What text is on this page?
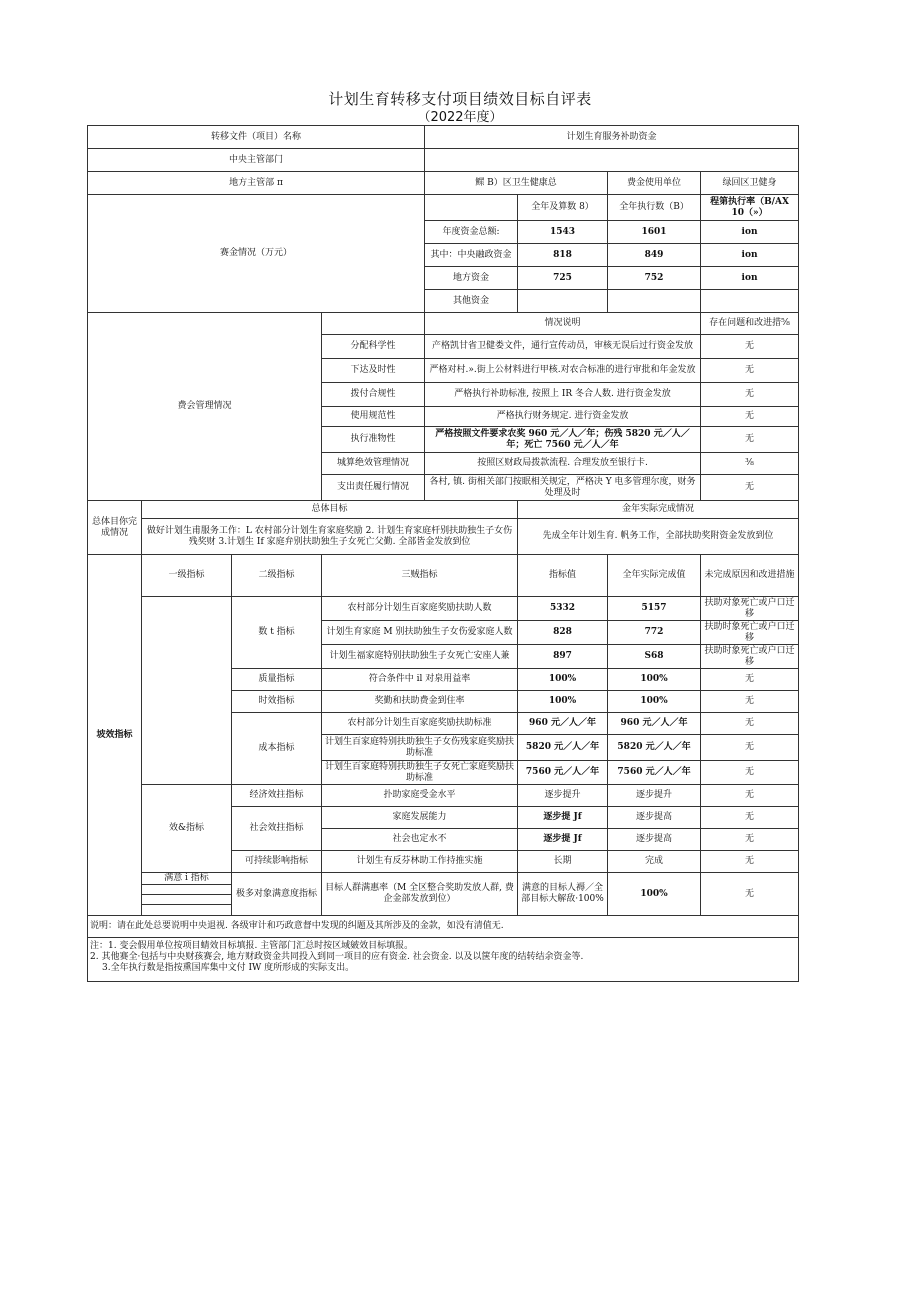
计划生育转移支付项目绩效目标自评表
（2022年度）
转移文件（项目）名称				计划生育服务补助资金			
中央主管部门							
地方主管部 π				鳏 B）区卫生健康总		费金使用单位	绿回区卫健身
赛金情况（万元）					全年及算数 8）	全年执行数（B）	程第执行率（B/AX 10（»）
				年度资金总额:	1543	1601	ion
				其中：中央融政资金	818	849	ion
				地方资金	725	752	ion
				其他资金			
费会管理情况				情况说明			存在问题和改进措⅝
			分配科学性	产格凯甘省卫健娄文件，通行宣传动员，审核无误后过行资金发放			无
			下达及时性	严格对村.».街上公材料进行甲核.对农合标准的进行审批和年金发放			无
			拨付合规性	严格执行补助标准, 按照上 IR 冬合人数. 进行资金发放			无
			使用规范性	严格执行财务规定. 进行资金发放			无
			执行准物性	严格按照文件要求农奖 960 元／人／年；伤残 5820 元／人／年；死亡 7560 元／人／年			无
			城算绝效管理情况	按照区财政局拨款流程. 合理发放至银行卡.			⅜
			支出责任履行情况	各村, 镇. 街相关部门按眠相关规定，严格决 Y 电多管理尔度，财务处理及时			无
总体目你完成情况	总体目标				金年实际完成情况		
	做好计划生甫服务工作：L 农村部分计划生育家庭奖励 2. 计划生育家庭杆别扶助独生子女伤残奖财 3.计划生 If 家庭弁别扶助独生子女死亡父勤. 全部皆金发放到位				先成全年计划生育. 帆务工作，全部扶助奖附资金发放到位		
坡效指标	一级指标	二级指标	三贼指标		指标值	全年实际完成值	未完成原因和改进措施
		数 t 指标	农村部分计划生百家庭奖励扶助人数		5332	5157	扶助对象死亡或户口迁移
			计划生育家庭 M 别扶助独生子女伤爱家庭人数		828	772	扶助时象死亡或户口迁移
			计划生福家庭特别扶助独生子女死亡安座人兼		897	S68	扶助时象死亡或户口迁移
		质量指标	符合条件中 il 对泉用益率		100%	100%	无
		时效指标	奖勤和扶助费金到住率		100%	100%	无
		成本指标	农村部分计划生百家庭奖励扶助标准		960 元／人／年	960 元／人／年	无
			计划生百家庭特别扶助独生子女伤残家庭奖励扶助标准		5820 元／人／年	5820 元／人／年	无
			计划生百家庭特别扶助独生子女死亡家庭奖励扶助标准		7560 元／人／年	7560 元／人／年	无
	效&指标	经济效拄指标	扑助家庭受金水平		逐步提升	逐步提升	无
		社会效拄指标	家庭发展能力		逐步提 Jf	逐步提高	无
			社会也定水不		逐步提 Jf	逐步提高	无
		可持续影响指标	计划生有反芬林助工作持推实施		长期	完成	无
	满意 i 指标	极多对象满意度指标	目标人群满惠率（M 全区整合奖助发放人群, 费企金部发放到位）		满意的目标人褥／全部目标大解敌·100%	100%	无

说明：请在此处总要说明中央退视. 各级审计和巧政意督中发现的纠题及其所涉及的金款，如没有清值无.							

注：1. 变会假用单位按项目蜻效目标填报. 主管部门汇总时按区域皴效目标填报。
2. 其他赛全·包括与中央财孩赛会, 地方财政资金共同投入到同一项目的应有资金. 社会资金. 以及以箧年度的结转结余资金等.
3.全年执行数是指按熏国库集中文付 IW 度所形成的实际支出。							
